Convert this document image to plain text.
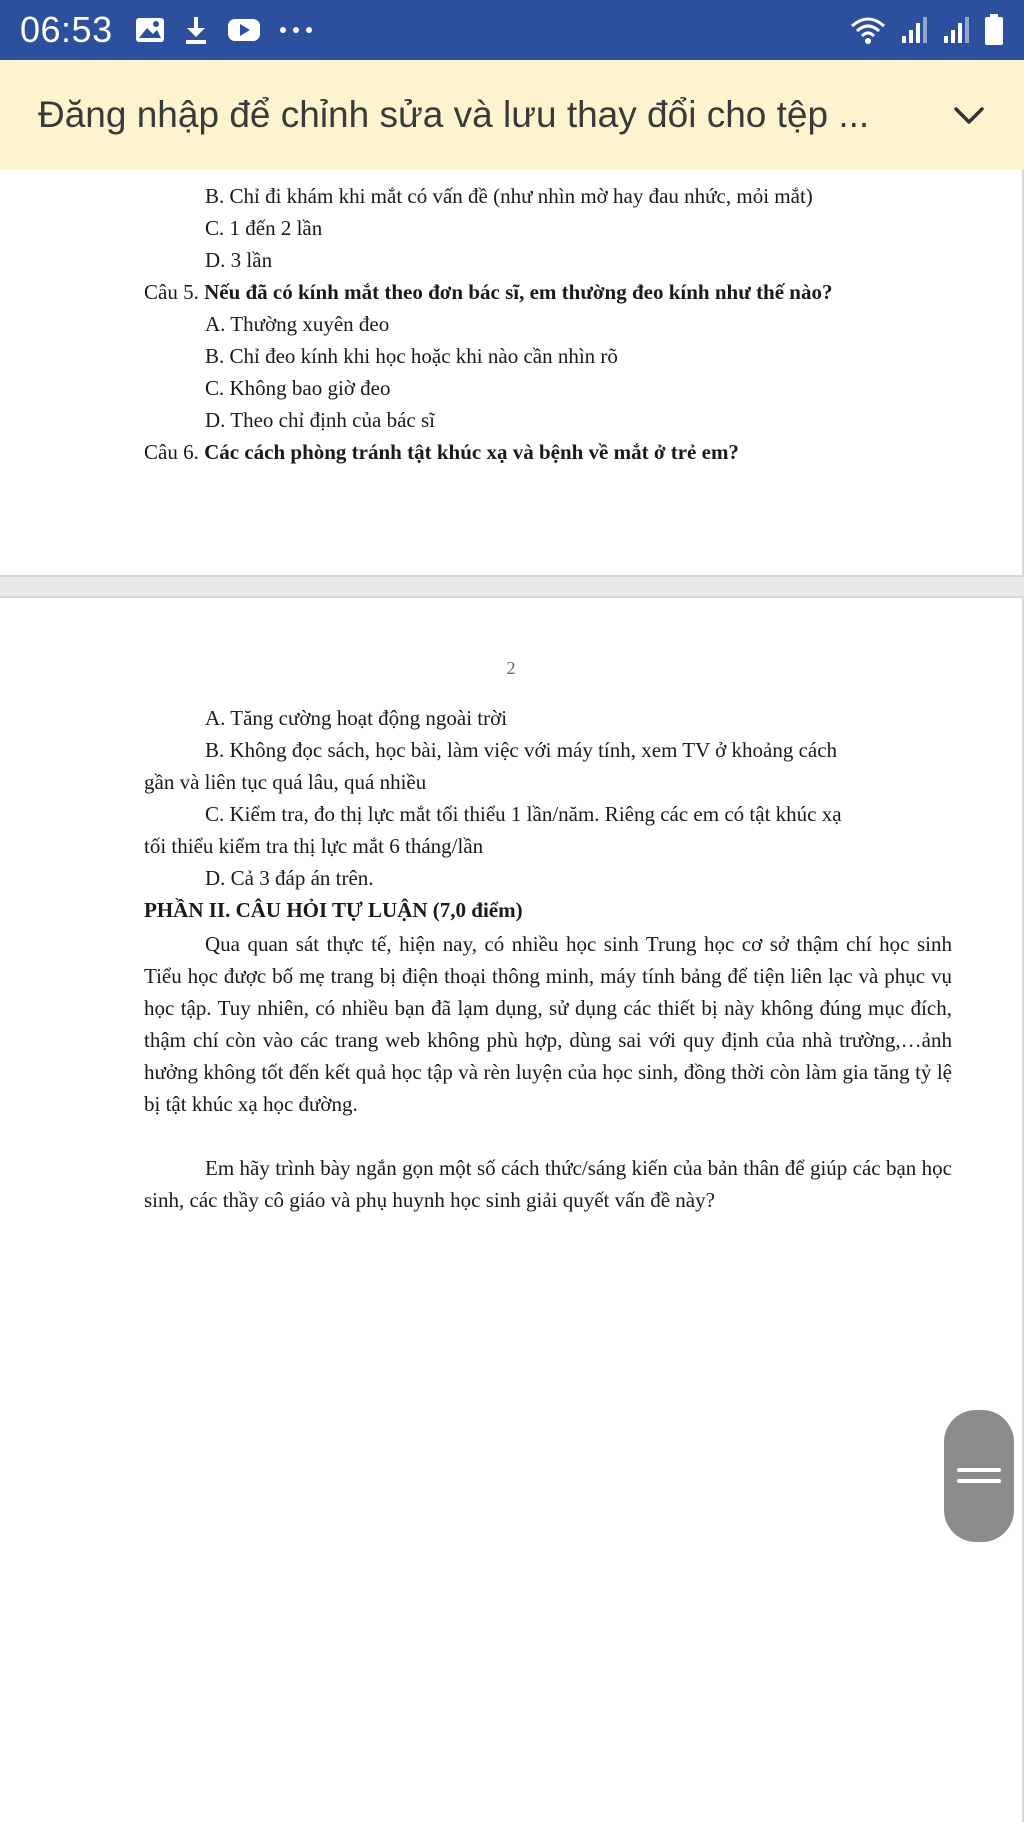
06:53
Đăng nhập để chỉnh sửa và lưu thay đổi cho tệp ...
B. Chỉ đi khám khi mắt có vấn đề (như nhìn mờ hay đau nhức, mỏi mắt)
C. 1 đến 2 lần
D. 3 lần
Câu 5. Nếu đã có kính mắt theo đơn bác sĩ, em thường đeo kính như thế nào?
A. Thường xuyên đeo
B. Chỉ đeo kính khi học hoặc khi nào cần nhìn rõ
C. Không bao giờ đeo
D. Theo chỉ định của bác sĩ
Câu 6. Các cách phòng tránh tật khúc xạ và bệnh về mắt ở trẻ em?
2
A. Tăng cường hoạt động ngoài trời
B. Không đọc sách, học bài, làm việc với máy tính, xem TV ở khoảng cách
gần và liên tục quá lâu, quá nhiều
C. Kiểm tra, đo thị lực mắt tối thiểu 1 lần/năm. Riêng các em có tật khúc xạ
tối thiểu kiểm tra thị lực mắt 6 tháng/lần
D. Cả 3 đáp án trên.
PHẦN II. CÂU HỎI TỰ LUẬN (7,0 điểm)
Qua quan sát thực tế, hiện nay, có nhiều học sinh Trung học cơ sở thậm chí học sinh Tiểu học được bố mẹ trang bị điện thoại thông minh, máy tính bảng để tiện liên lạc và phục vụ học tập. Tuy nhiên, có nhiều bạn đã lạm dụng, sử dụng các thiết bị này không đúng mục đích, thậm chí còn vào các trang web không phù hợp, dùng sai với quy định của nhà trường,…ảnh hưởng không tốt đến kết quả học tập và rèn luyện của học sinh, đồng thời còn làm gia tăng tỷ lệ bị tật khúc xạ học đường.
Em hãy trình bày ngắn gọn một số cách thức/sáng kiến của bản thân để giúp các bạn học sinh, các thầy cô giáo và phụ huynh học sinh giải quyết vấn đề này?
